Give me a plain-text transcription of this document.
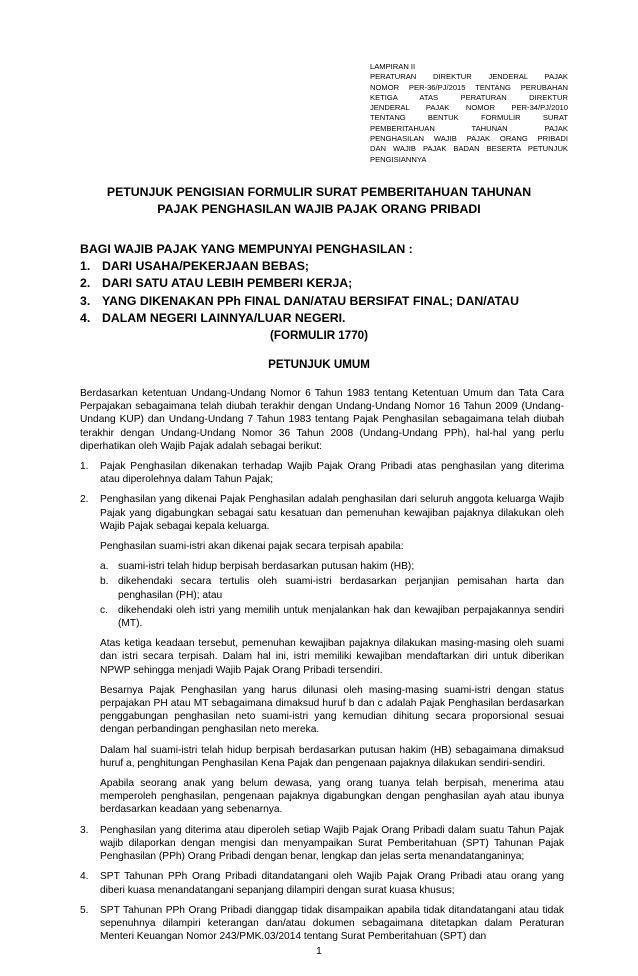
LAMPIRAN II
PERATURAN DIREKTUR JENDERAL PAJAK
NOMOR PER-36/PJ/2015 TENTANG PERUBAHAN
KETIGA ATAS PERATURAN DIREKTUR
JENDERAL PAJAK NOMOR PER-34/PJ/2010
TENTANG BENTUK FORMULIR SURAT
PEMBERITAHUAN TAHUNAN PAJAK
PENGHASILAN WAJIB PAJAK ORANG PRIBADI
DAN WAJIB PAJAK BADAN BESERTA PETUNJUK
PENGISIANNYA
PETUNJUK PENGISIAN FORMULIR SURAT PEMBERITAHUAN TAHUNAN
PAJAK PENGHASILAN WAJIB PAJAK ORANG PRIBADI
BAGI WAJIB PAJAK YANG MEMPUNYAI PENGHASILAN :
1. DARI USAHA/PEKERJAAN BEBAS;
2. DARI SATU ATAU LEBIH PEMBERI KERJA;
3. YANG DIKENAKAN PPh FINAL DAN/ATAU BERSIFAT FINAL; DAN/ATAU
4. DALAM NEGERI LAINNYA/LUAR NEGERI.
(FORMULIR 1770)
PETUNJUK UMUM

Berdasarkan ketentuan Undang-Undang Nomor 6 Tahun 1983 tentang Ketentuan Umum dan Tata Cara Perpajakan sebagaimana telah diubah terakhir dengan Undang-Undang Nomor 16 Tahun 2009 (Undang-Undang KUP) dan Undang-Undang 7 Tahun 1983 tentang Pajak Penghasilan sebagaimana telah diubah terakhir dengan Undang-Undang Nomor 36 Tahun 2008 (Undang-Undang PPh), hal-hal yang perlu diperhatikan oleh Wajib Pajak adalah sebagai berikut:

1.	Pajak Penghasilan dikenakan terhadap Wajib Pajak Orang Pribadi atas penghasilan yang diterima atau diperolehnya dalam Tahun Pajak;

2.	Penghasilan yang dikenai Pajak Penghasilan adalah penghasilan dari seluruh anggota keluarga Wajib Pajak yang digabungkan sebagai satu kesatuan dan pemenuhan kewajiban pajaknya dilakukan oleh Wajib Pajak sebagai kepala keluarga.

Penghasilan suami-istri akan dikenai pajak secara terpisah apabila:

a. suami-istri telah hidup berpisah berdasarkan putusan hakim (HB);
b. dikehendaki secara tertulis oleh suami-istri berdasarkan perjanjian pemisahan harta dan penghasilan (PH); atau
c. dikehendaki oleh istri yang memilih untuk menjalankan hak dan kewajiban perpajakannya sendiri (MT).

Atas ketiga keadaan tersebut, pemenuhan kewajiban pajaknya dilakukan masing-masing oleh suami dan istri secara terpisah. Dalam hal ini, istri memiliki kewajiban mendaftarkan diri untuk diberikan NPWP sehingga menjadi Wajib Pajak Orang Pribadi tersendiri.

Besarnya Pajak Penghasilan yang harus dilunasi oleh masing-masing suami-istri dengan status perpajakan PH atau MT sebagaimana dimaksud huruf b dan c adalah Pajak Penghasilan berdasarkan penggabungan penghasilan neto suami-istri yang kemudian dihitung secara proporsional sesuai dengan perbandingan penghasilan neto mereka.

Dalam hal suami-istri telah hidup berpisah berdasarkan putusan hakim (HB) sebagaimana dimaksud huruf a, penghitungan Penghasilan Kena Pajak dan pengenaan pajaknya dilakukan sendiri-sendiri.

Apabila seorang anak yang belum dewasa, yang orang tuanya telah berpisah, menerima atau memperoleh penghasilan, pengenaan pajaknya digabungkan dengan penghasilan ayah atau ibunya berdasarkan keadaan yang sebenarnya.

3.	Penghasilan yang diterima atau diperoleh setiap Wajib Pajak Orang Pribadi dalam suatu Tahun Pajak wajib dilaporkan dengan mengisi dan menyampaikan Surat Pemberitahuan (SPT) Tahunan Pajak Penghasilan (PPh) Orang Pribadi dengan benar, lengkap dan jelas serta menandatanganinya;

4.	SPT Tahunan PPh Orang Pribadi ditandatangani oleh Wajib Pajak Orang Pribadi atau orang yang diberi kuasa menandatangani sepanjang dilampiri dengan surat kuasa khusus;

5.	SPT Tahunan PPh Orang Pribadi dianggap tidak disampaikan apabila tidak ditandatangani atau tidak sepenuhnya dilampiri keterangan dan/atau dokumen sebagaimana ditetapkan dalam Peraturan Menteri Keuangan Nomor 243/PMK.03/2014 tentang Surat Pemberitahuan (SPT) dan

1
